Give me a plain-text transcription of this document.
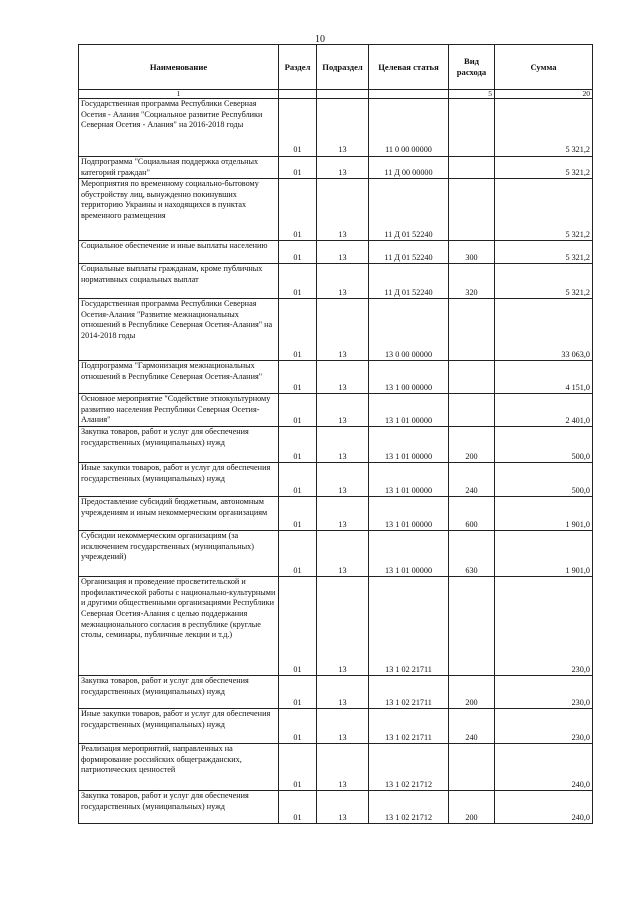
10
Наименование	Раздел	Подраздел	Целевая статья	Вид расхода	Сумма
1				5	20
Государственная программа Республики Северная Осетия - Алания "Социальное развитие Республики Северная Осетия - Алания" на 2016-2018 годы	01	13	11 0 00 00000		5 321,2
Подпрограмма "Социальная поддержка отдельных категорий граждан"	01	13	11 Д 00 00000		5 321,2
Мероприятия по временному социально-бытовому обустройству лиц, вынужденно покинувших территорию Украины и находящихся в пунктах временного размещения	01	13	11 Д 01 52240		5 321,2
Социальное обеспечение и иные выплаты населению	01	13	11 Д 01 52240	300	5 321,2
Социальные выплаты гражданам, кроме публичных нормативных социальных выплат	01	13	11 Д 01 52240	320	5 321,2
Государственная программа Республики Северная Осетия-Алания "Развитие межнациональных отношений в Республике Северная Осетия-Алания" на 2014-2018 годы	01	13	13 0 00 00000		33 063,0
Подпрограмма "Гармонизация межнациональных отношений в Республике Северная Осетия-Алания"	01	13	13 1 00 00000		4 151,0
Основное мероприятие "Содействие этнокультурному развитию населения Республики Северная Осетия-Алания"	01	13	13 1 01 00000		2 401,0
Закупка товаров, работ и услуг для обеспечения государственных (муниципальных) нужд	01	13	13 1 01 00000	200	500,0
Иные закупки товаров, работ и услуг для обеспечения государственных (муниципальных) нужд	01	13	13 1 01 00000	240	500,0
Предоставление субсидий бюджетным, автономным учреждениям и иным некоммерческим организациям	01	13	13 1 01 00000	600	1 901,0
Субсидии некоммерческим организациям (за исключением государственных (муниципальных) учреждений)	01	13	13 1 01 00000	630	1 901,0
Организация и проведение просветительской и профилактической работы с национально-культурными и другими общественными организациями Республики Северная Осетия-Алания с целью поддержания межнационального согласия в республике (круглые столы, семинары, публичные лекции и т.д.)	01	13	13 1 02 21711		230,0
Закупка товаров, работ и услуг для обеспечения государственных (муниципальных) нужд	01	13	13 1 02 21711	200	230,0
Иные закупки товаров, работ и услуг для обеспечения государственных (муниципальных) нужд	01	13	13 1 02 21711	240	230,0
Реализация мероприятий, направленных на формирование российских общегражданских, патриотических ценностей	01	13	13 1 02 21712		240,0
Закупка товаров, работ и услуг для обеспечения государственных (муниципальных) нужд	01	13	13 1 02 21712	200	240,0
